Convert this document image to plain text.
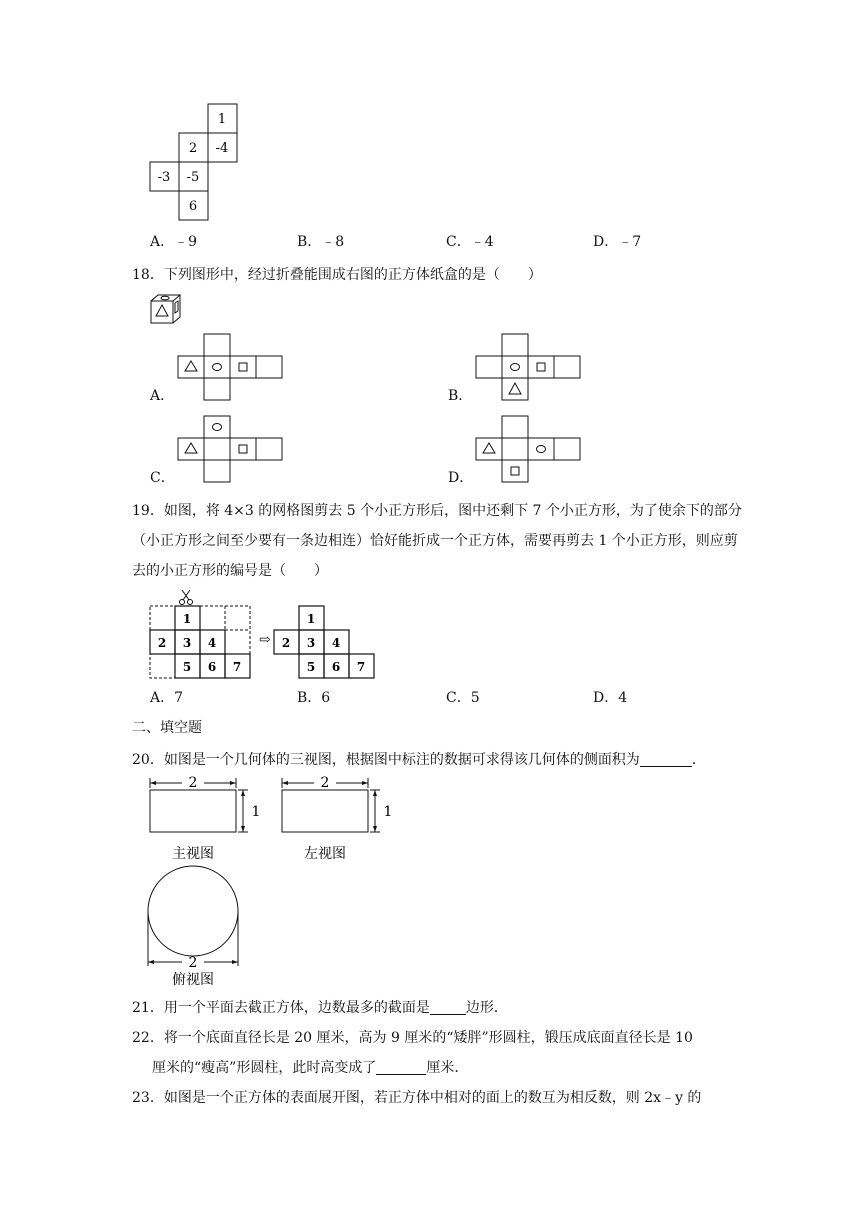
1
2 -4
-3 -5
6
A．﹣9	B．﹣8	C．﹣4	D．﹣7
18．下列图形中，经过折叠能围成右图的正方体纸盒的是（　　）
A．	B．
C．	D．
19．如图，将 4×3 的网格图剪去 5 个小正方形后，图中还剩下 7 个小正方形，为了使余下的部分（小正方形之间至少要有一条边相连）恰好能折成一个正方体，需要再剪去 1 个小正方形，则应剪去的小正方形的编号是（　　）
1
2 3 4
5 6 7
⇨
1
2 3 4
5 6 7
A．7	B．6	C．5	D．4
二、填空题
20．如图是一个几何体的三视图，根据图中标注的数据可求得该几何体的侧面积为	．
2
1
主视图
2
1
左视图
2
俯视图
21．用一个平面去截正方体，边数最多的截面是	边形．
22．将一个底面直径长是 20 厘米，高为 9 厘米的“矮胖”形圆柱，锻压成底面直径长是 10
厘米的“瘦高”形圆柱，此时高变成了	厘米．
23．如图是一个正方体的表面展开图，若正方体中相对的面上的数互为相反数，则 2x﹣y 的
